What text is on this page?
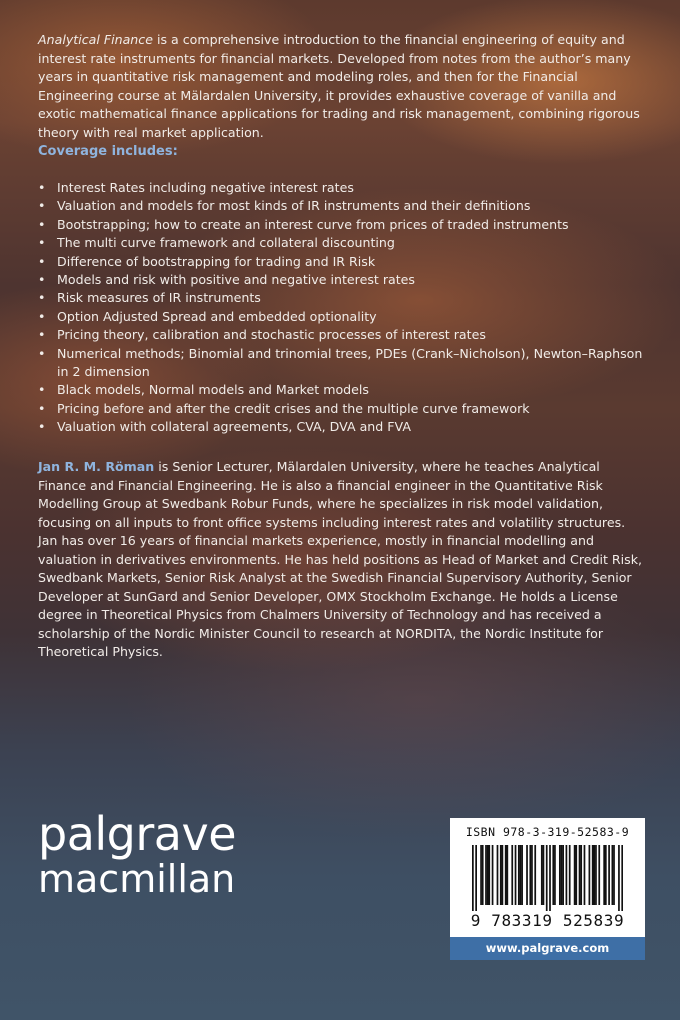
Analytical Finance is a comprehensive introduction to the financial engineering of equity and interest rate instruments for financial markets. Developed from notes from the author’s many years in quantitative risk management and modeling roles, and then for the Financial Engineering course at Mälardalen University, it provides exhaustive coverage of vanilla and exotic mathematical finance applications for trading and risk management, combining rigorous theory with real market application.
Coverage includes:
• Interest Rates including negative interest rates
• Valuation and models for most kinds of IR instruments and their definitions
• Bootstrapping; how to create an interest curve from prices of traded instruments
• The multi curve framework and collateral discounting
• Difference of bootstrapping for trading and IR Risk
• Models and risk with positive and negative interest rates
• Risk measures of IR instruments
• Option Adjusted Spread and embedded optionality
• Pricing theory, calibration and stochastic processes of interest rates
• Numerical methods; Binomial and trinomial trees, PDEs (Crank–Nicholson), Newton–Raphson in 2 dimension
• Black models, Normal models and Market models
• Pricing before and after the credit crises and the multiple curve framework
• Valuation with collateral agreements, CVA, DVA and FVA
Jan R. M. Röman is Senior Lecturer, Mälardalen University, where he teaches Analytical Finance and Financial Engineering. He is also a financial engineer in the Quantitative Risk Modelling Group at Swedbank Robur Funds, where he specializes in risk model validation, focusing on all inputs to front office systems including interest rates and volatility structures. Jan has over 16 years of financial markets experience, mostly in financial modelling and valuation in derivatives environments. He has held positions as Head of Market and Credit Risk, Swedbank Markets, Senior Risk Analyst at the Swedish Financial Supervisory Authority, Senior Developer at SunGard and Senior Developer, OMX Stockholm Exchange. He holds a License degree in Theoretical Physics from Chalmers University of Technology and has received a scholarship of the Nordic Minister Council to research at NORDITA, the Nordic Institute for Theoretical Physics.
palgrave
macmillan
ISBN 978-3-319-52583-9
9 783319 525839
www.palgrave.com
